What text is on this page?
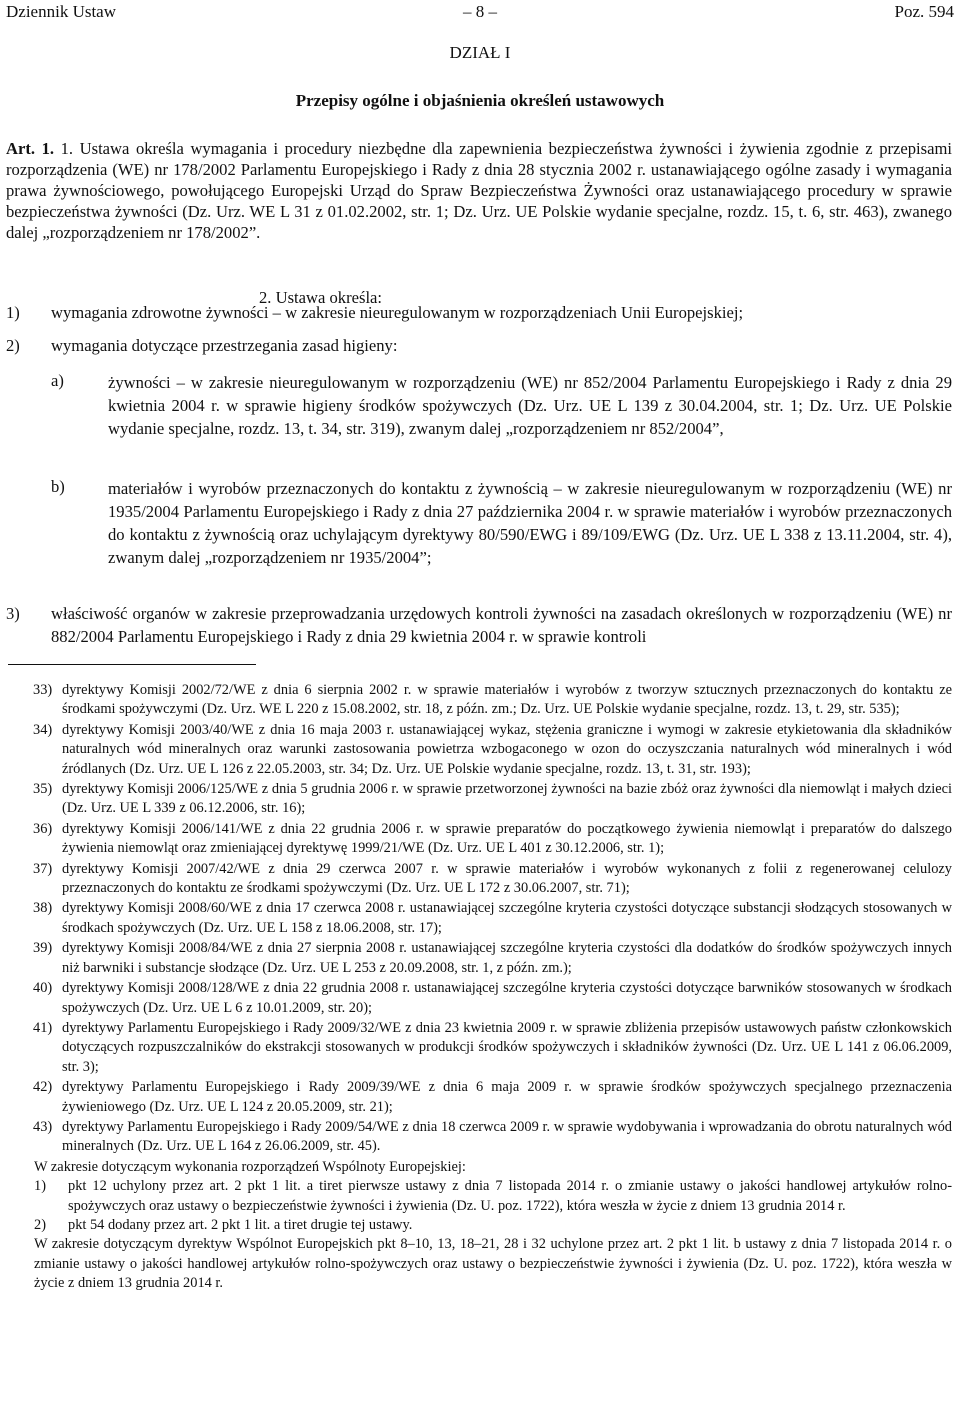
Dziennik Ustaw	– 8 –	Poz. 594
DZIAŁ I
Przepisy ogólne i objaśnienia określeń ustawowych
Art. 1. 1. Ustawa określa wymagania i procedury niezbędne dla zapewnienia bezpieczeństwa żywności i żywienia zgodnie z przepisami rozporządzenia (WE) nr 178/2002 Parlamentu Europejskiego i Rady z dnia 28 stycznia 2002 r. ustanawiającego ogólne zasady i wymagania prawa żywnościowego, powołującego Europejski Urząd do Spraw Bezpieczeństwa Żywności oraz ustanawiającego procedury w sprawie bezpieczeństwa żywności (Dz. Urz. WE L 31 z 01.02.2002, str. 1; Dz. Urz. UE Polskie wydanie specjalne, rozdz. 15, t. 6, str. 463), zwanego dalej „rozporządzeniem nr 178/2002”.
2. Ustawa określa:
1) wymagania zdrowotne żywności – w zakresie nieuregulowanym w rozporządzeniach Unii Europejskiej;
2) wymagania dotyczące przestrzegania zasad higieny:
a)	żywności – w zakresie nieuregulowanym w rozporządzeniu (WE) nr 852/2004 Parlamentu Europejskiego i Rady z dnia 29 kwietnia 2004 r. w sprawie higieny środków spożywczych (Dz. Urz. UE L 139 z 30.04.2004, str. 1; Dz. Urz. UE Polskie wydanie specjalne, rozdz. 13, t. 34, str. 319), zwanym dalej „rozporządzeniem nr 852/2004”,
b)	materiałów i wyrobów przeznaczonych do kontaktu z żywnością – w zakresie nieuregulowanym w rozporządzeniu (WE) nr 1935/2004 Parlamentu Europejskiego i Rady z dnia 27 października 2004 r. w sprawie materiałów i wyrobów przeznaczonych do kontaktu z żywnością oraz uchylającym dyrektywy 80/590/EWG i 89/109/EWG (Dz. Urz. UE L 338 z 13.11.2004, str. 4), zwanym dalej „rozporządzeniem nr 1935/2004”;
3) właściwość organów w zakresie przeprowadzania urzędowych kontroli żywności na zasadach określonych w rozporządzeniu (WE) nr 882/2004 Parlamentu Europejskiego i Rady z dnia 29 kwietnia 2004 r. w sprawie kontroli
33) dyrektywy Komisji 2002/72/WE z dnia 6 sierpnia 2002 r. w sprawie materiałów i wyrobów z tworzyw sztucznych przeznaczonych do kontaktu ze środkami spożywczymi (Dz. Urz. WE L 220 z 15.08.2002, str. 18, z późn. zm.; Dz. Urz. UE Polskie wydanie specjalne, rozdz. 13, t. 29, str. 535);
34) dyrektywy Komisji 2003/40/WE z dnia 16 maja 2003 r. ustanawiającej wykaz, stężenia graniczne i wymogi w zakresie etykietowania dla składników naturalnych wód mineralnych oraz warunki zastosowania powietrza wzbogaconego w ozon do oczyszczania naturalnych wód mineralnych i wód źródlanych (Dz. Urz. UE L 126 z 22.05.2003, str. 34; Dz. Urz. UE Polskie wydanie specjalne, rozdz. 13, t. 31, str. 193);
35) dyrektywy Komisji 2006/125/WE z dnia 5 grudnia 2006 r. w sprawie przetworzonej żywności na bazie zbóż oraz żywności dla niemowląt i małych dzieci (Dz. Urz. UE L 339 z 06.12.2006, str. 16);
36) dyrektywy Komisji 2006/141/WE z dnia 22 grudnia 2006 r. w sprawie preparatów do początkowego żywienia niemowląt i preparatów do dalszego żywienia niemowląt oraz zmieniającej dyrektywę 1999/21/WE (Dz. Urz. UE L 401 z 30.12.2006, str. 1);
37) dyrektywy Komisji 2007/42/WE z dnia 29 czerwca 2007 r. w sprawie materiałów i wyrobów wykonanych z folii z regenerowanej celulozy przeznaczonych do kontaktu ze środkami spożywczymi (Dz. Urz. UE L 172 z 30.06.2007, str. 71);
38) dyrektywy Komisji 2008/60/WE z dnia 17 czerwca 2008 r. ustanawiającej szczególne kryteria czystości dotyczące substancji słodzących stosowanych w środkach spożywczych (Dz. Urz. UE L 158 z 18.06.2008, str. 17);
39) dyrektywy Komisji 2008/84/WE z dnia 27 sierpnia 2008 r. ustanawiającej szczególne kryteria czystości dla dodatków do środków spożywczych innych niż barwniki i substancje słodzące (Dz. Urz. UE L 253 z 20.09.2008, str. 1, z późn. zm.);
40) dyrektywy Komisji 2008/128/WE z dnia 22 grudnia 2008 r. ustanawiającej szczególne kryteria czystości dotyczące barwników stosowanych w środkach spożywczych (Dz. Urz. UE L 6 z 10.01.2009, str. 20);
41) dyrektywy Parlamentu Europejskiego i Rady 2009/32/WE z dnia 23 kwietnia 2009 r. w sprawie zbliżenia przepisów ustawowych państw członkowskich dotyczących rozpuszczalników do ekstrakcji stosowanych w produkcji środków spożywczych i składników żywności (Dz. Urz. UE L 141 z 06.06.2009, str. 3);
42) dyrektywy Parlamentu Europejskiego i Rady 2009/39/WE z dnia 6 maja 2009 r. w sprawie środków spożywczych specjalnego przeznaczenia żywieniowego (Dz. Urz. UE L 124 z 20.05.2009, str. 21);
43) dyrektywy Parlamentu Europejskiego i Rady 2009/54/WE z dnia 18 czerwca 2009 r. w sprawie wydobywania i wprowadzania do obrotu naturalnych wód mineralnych (Dz. Urz. UE L 164 z 26.06.2009, str. 45).
W zakresie dotyczącym wykonania rozporządzeń Wspólnoty Europejskiej:
1)	pkt 12 uchylony przez art. 2 pkt 1 lit. a tiret pierwsze ustawy z dnia 7 listopada 2014 r. o zmianie ustawy o jakości handlowej artykułów rolno-spożywczych oraz ustawy o bezpieczeństwie żywności i żywienia (Dz. U. poz. 1722), która weszła w życie z dniem 13 grudnia 2014 r.
2)	pkt 54 dodany przez art. 2 pkt 1 lit. a tiret drugie tej ustawy.
W zakresie dotyczącym dyrektyw Wspólnot Europejskich pkt 8–10, 13, 18–21, 28 i 32 uchylone przez art. 2 pkt 1 lit. b ustawy z dnia 7 listopada 2014 r. o zmianie ustawy o jakości handlowej artykułów rolno-spożywczych oraz ustawy o bezpieczeństwie żywności i żywienia (Dz. U. poz. 1722), która weszła w życie z dniem 13 grudnia 2014 r.
